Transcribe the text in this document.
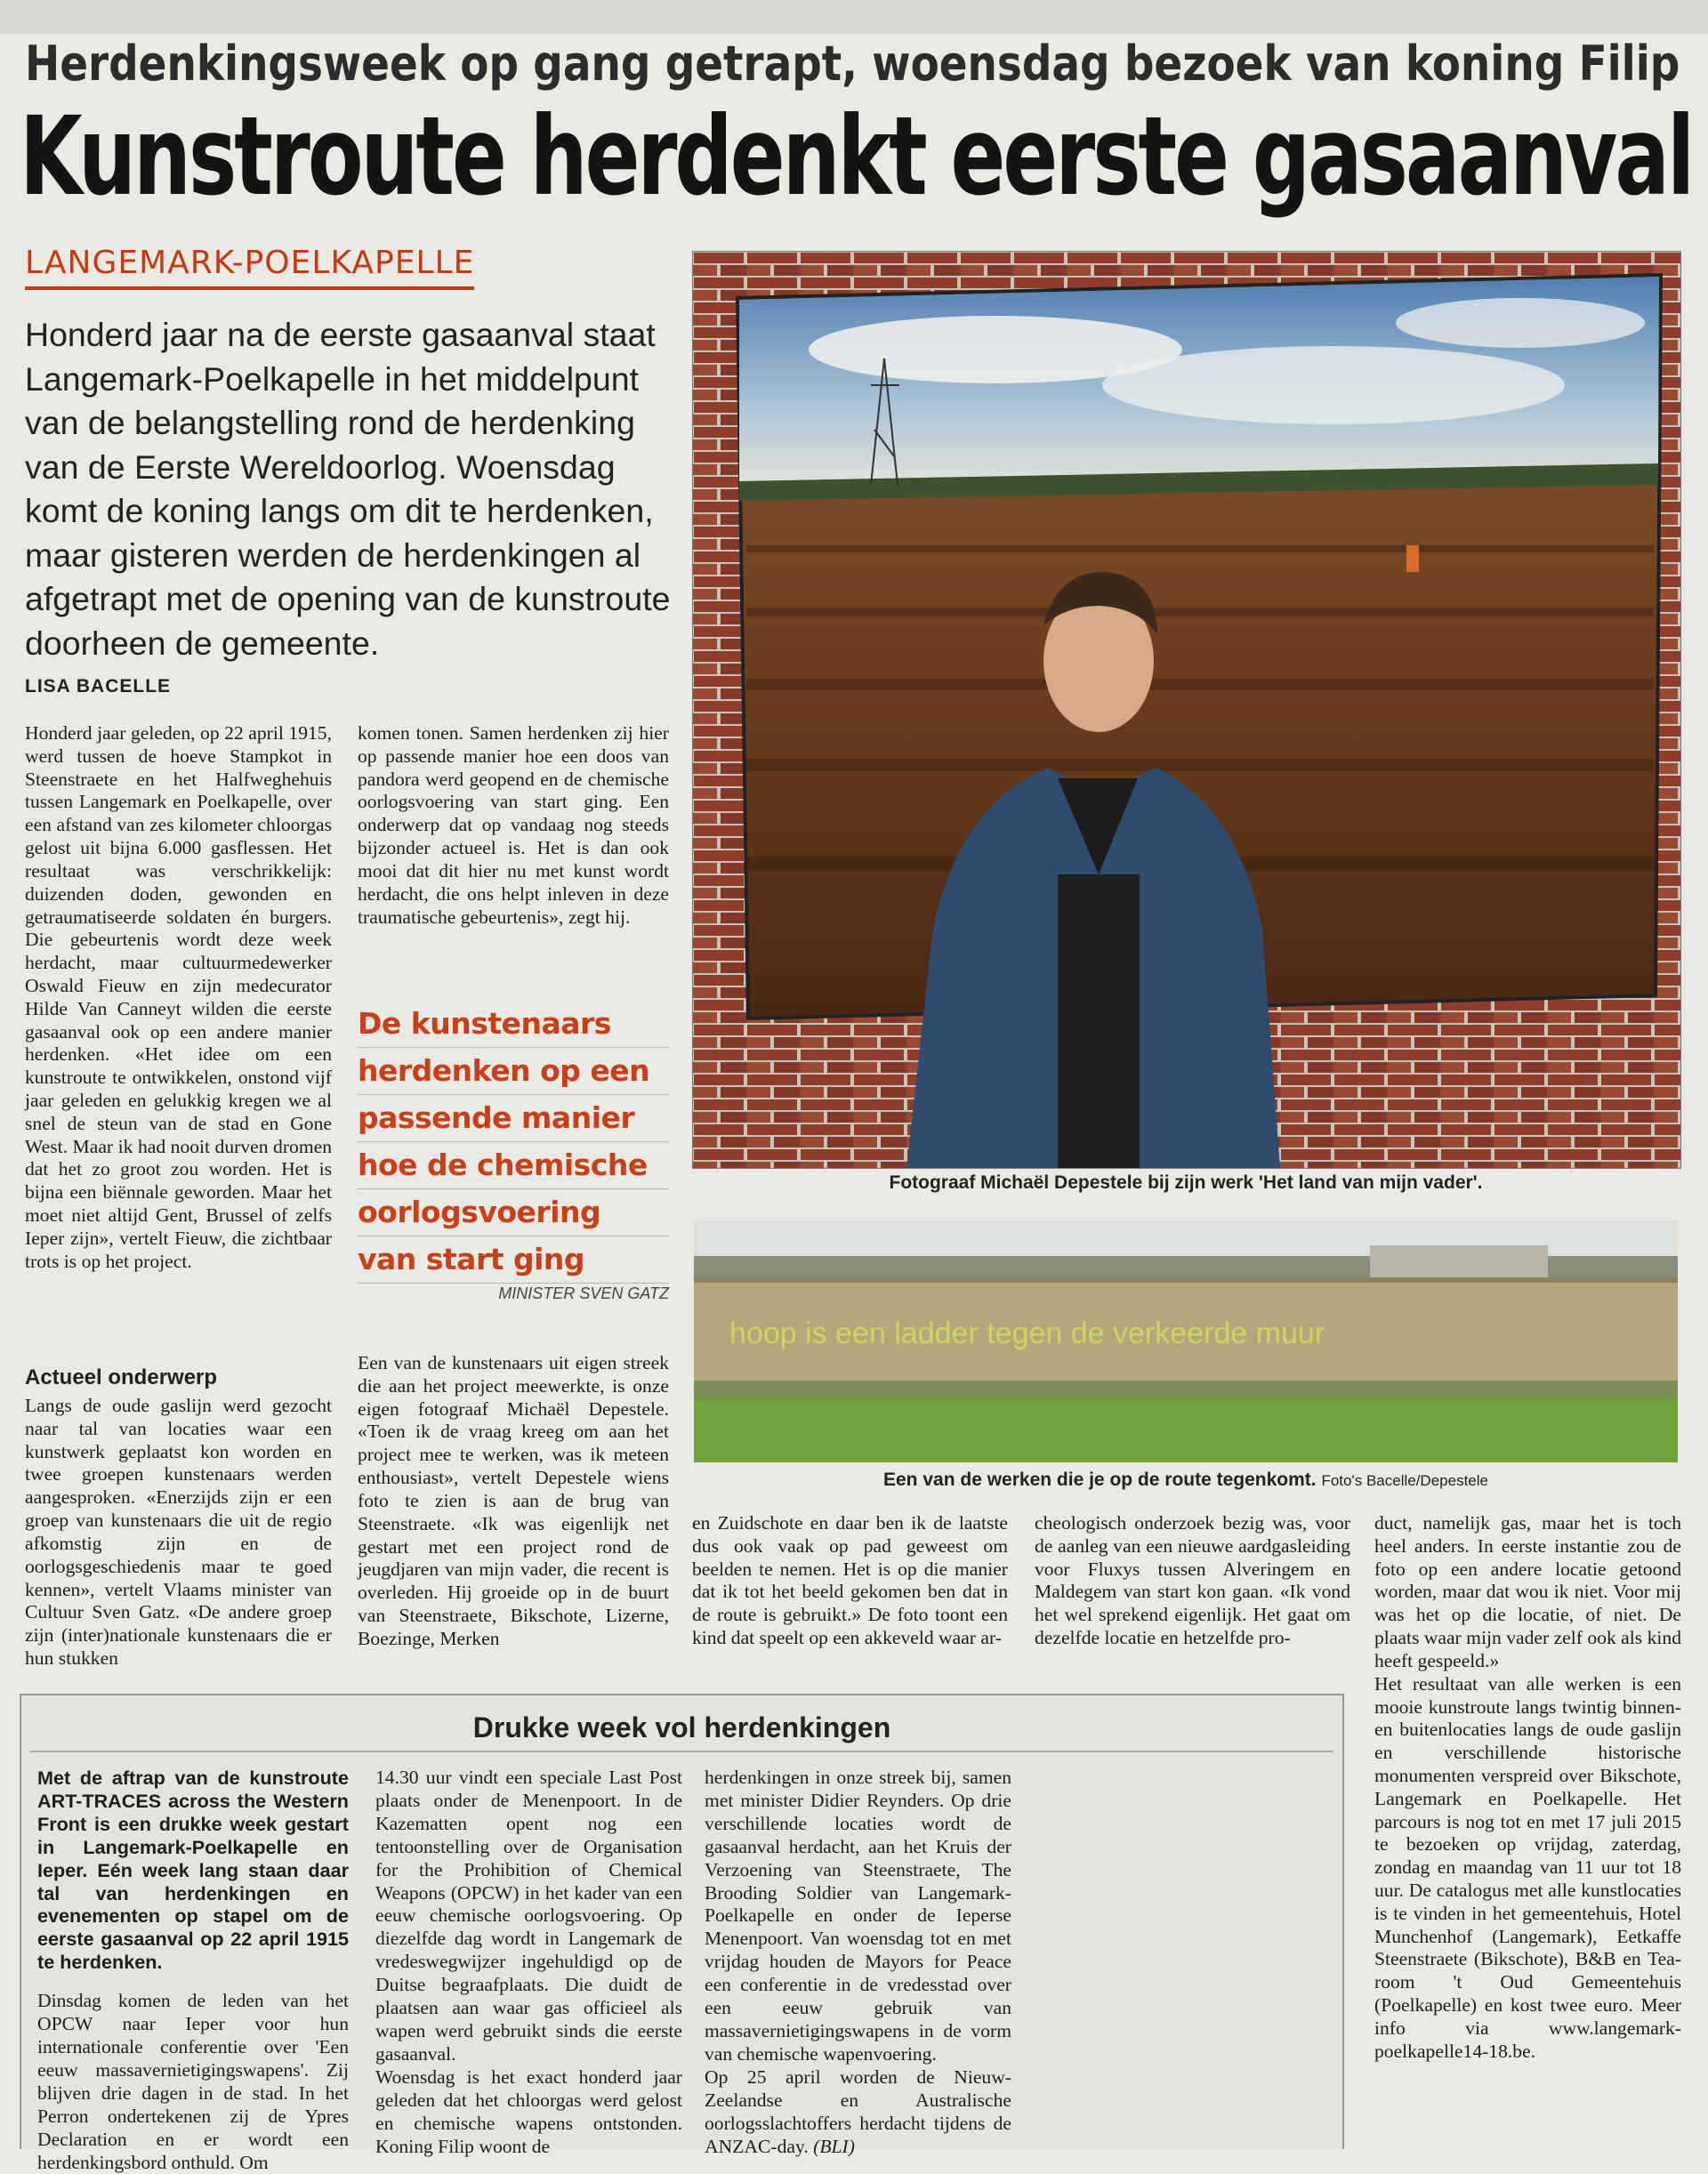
Herdenkingsweek op gang getrapt, woensdag bezoek van koning Filip
Kunstroute herdenkt eerste gasaanval
LANGEMARK-POELKAPELLE
Honderd jaar na de eerste gasaanval staat Langemark-Poelkapelle in het middelpunt van de belangstelling rond de herdenking van de Eerste Wereldoorlog. Woensdag komt de koning langs om dit te herdenken, maar gisteren werden de herdenkingen al afgetrapt met de opening van de kunstroute doorheen de gemeente.
LISA BACELLE

Honderd jaar geleden, op 22 april 1915, werd tussen de hoeve Stampkot in Steenstraete en het Halfweghehuis tussen Langemark en Poelkapelle, over een afstand van zes kilometer chloorgas gelost uit bijna 6.000 gasflessen. Het resultaat was verschrikkelijk: duizenden doden, gewonden en getraumatiseerde soldaten én burgers. Die gebeurtenis wordt deze week herdacht, maar cultuurmedewerker Oswald Fieuw en zijn medecurator Hilde Van Canneyt wilden die eerste gasaanval ook op een andere manier herdenken. «Het idee om een kunstroute te ontwikkelen, onstond vijf jaar geleden en gelukkig kregen we al snel de steun van de stad en Gone West. Maar ik had nooit durven dromen dat het zo groot zou worden. Het is bijna een biënnale geworden. Maar het moet niet altijd Gent, Brussel of zelfs Ieper zijn», vertelt Fieuw, die zichtbaar trots is op het project.

komen tonen. Samen herdenken zij hier op passende manier hoe een doos van pandora werd geopend en de chemische oorlogsvoering van start ging. Een onderwerp dat op vandaag nog steeds bijzonder actueel is. Het is dan ook mooi dat dit hier nu met kunst wordt herdacht, die ons helpt inleven in deze traumatische gebeurtenis», zegt hij.

De kunstenaars
herdenken op een
passende manier
hoe de chemische
oorlogsvoering
van start ging
MINISTER SVEN GATZ
Actueel onderwerp

Langs de oude gaslijn werd gezocht naar tal van locaties waar een kunstwerk geplaatst kon worden en twee groepen kunstenaars werden aangesproken. «Enerzijds zijn er een groep van kunstenaars die uit de regio afkomstig zijn en de oorlogsgeschiedenis maar te goed kennen», vertelt Vlaams minister van Cultuur Sven Gatz. «De andere groep zijn (inter)nationale kunstenaars die er hun stukken

Een van de kunstenaars uit eigen streek die aan het project meewerkte, is onze eigen fotograaf Michaël Depestele. «Toen ik de vraag kreeg om aan het project mee te werken, was ik meteen enthousiast», vertelt Depestele wiens foto te zien is aan de brug van Steenstraete. «Ik was eigenlijk net gestart met een project rond de jeugdjaren van mijn vader, die recent is overleden. Hij groeide op in de buurt van Steenstraete, Bikschote, Lizerne, Boezinge, Merken

Fotograaf Michaël Depestele bij zijn werk 'Het land van mijn vader'.
hoop is een ladder tegen de verkeerde muur
Een van de werken die je op de route tegenkomt. Foto's Bacelle/Depestele

en Zuidschote en daar ben ik de laatste dus ook vaak op pad geweest om beelden te nemen. Het is op die manier dat ik tot het beeld gekomen ben dat in de route is gebruikt.» De foto toont een kind dat speelt op een akkeveld waar ar-

cheologisch onderzoek bezig was, voor de aanleg van een nieuwe aardgasleiding voor Fluxys tussen Alveringem en Maldegem van start kon gaan. «Ik vond het wel sprekend eigenlijk. Het gaat om dezelfde locatie en hetzelfde pro-

duct, namelijk gas, maar het is toch heel anders. In eerste instantie zou de foto op een andere locatie getoond worden, maar dat wou ik niet. Voor mij was het op die locatie, of niet. De plaats waar mijn vader zelf ook als kind heeft gespeeld.»

Het resultaat van alle werken is een mooie kunstroute langs twintig binnen- en buitenlocaties langs de oude gaslijn en verschillende historische monumenten verspreid over Bikschote, Langemark en Poelkapelle. Het parcours is nog tot en met 17 juli 2015 te bezoeken op vrijdag, zaterdag, zondag en maandag van 11 uur tot 18 uur. De catalogus met alle kunstlocaties is te vinden in het gemeentehuis, Hotel Munchenhof (Langemark), Eetkaffe Steenstraete (Bikschote), B&B en Tea-room 't Oud Gemeentehuis (Poelkapelle) en kost twee euro. Meer info via www.langemark-poelkapelle14-18.be.

Drukke week vol herdenkingen

Met de aftrap van de kunstroute ART-TRACES across the Western Front is een drukke week gestart in Langemark-Poelkapelle en Ieper. Eén week lang staan daar tal van herdenkingen en evenementen op stapel om de eerste gasaanval op 22 april 1915 te herdenken.

Dinsdag komen de leden van het OPCW naar Ieper voor hun internationale conferentie over 'Een eeuw massavernietigingswapens'. Zij blijven drie dagen in de stad. In het Perron ondertekenen zij de Ypres Declaration en er wordt een herdenkingsbord onthuld. Om

14.30 uur vindt een speciale Last Post plaats onder de Menenpoort. In de Kazematten opent nog een tentoonstelling over de Organisation for the Prohibition of Chemical Weapons (OPCW) in het kader van een eeuw chemische oorlogsvoering. Op diezelfde dag wordt in Langemark de vredeswegwijzer ingehuldigd op de Duitse begraafplaats. Die duidt de plaatsen aan waar gas officieel als wapen werd gebruikt sinds die eerste gasaanval.

Woensdag is het exact honderd jaar geleden dat het chloorgas werd gelost en chemische wapens ontstonden. Koning Filip woont de

herdenkingen in onze streek bij, samen met minister Didier Reynders. Op drie verschillende locaties wordt de gasaanval herdacht, aan het Kruis der Verzoening van Steenstraete, The Brooding Soldier van Langemark-Poelkapelle en onder de Ieperse Menenpoort. Van woensdag tot en met vrijdag houden de Mayors for Peace een conferentie in de vredesstad over een eeuw gebruik van massavernietigingswapens in de vorm van chemische wapenvoering.

Op 25 april worden de Nieuw-Zeelandse en Australische oorlogsslachtoffers herdacht tijdens de ANZAC-day. (BLI)
